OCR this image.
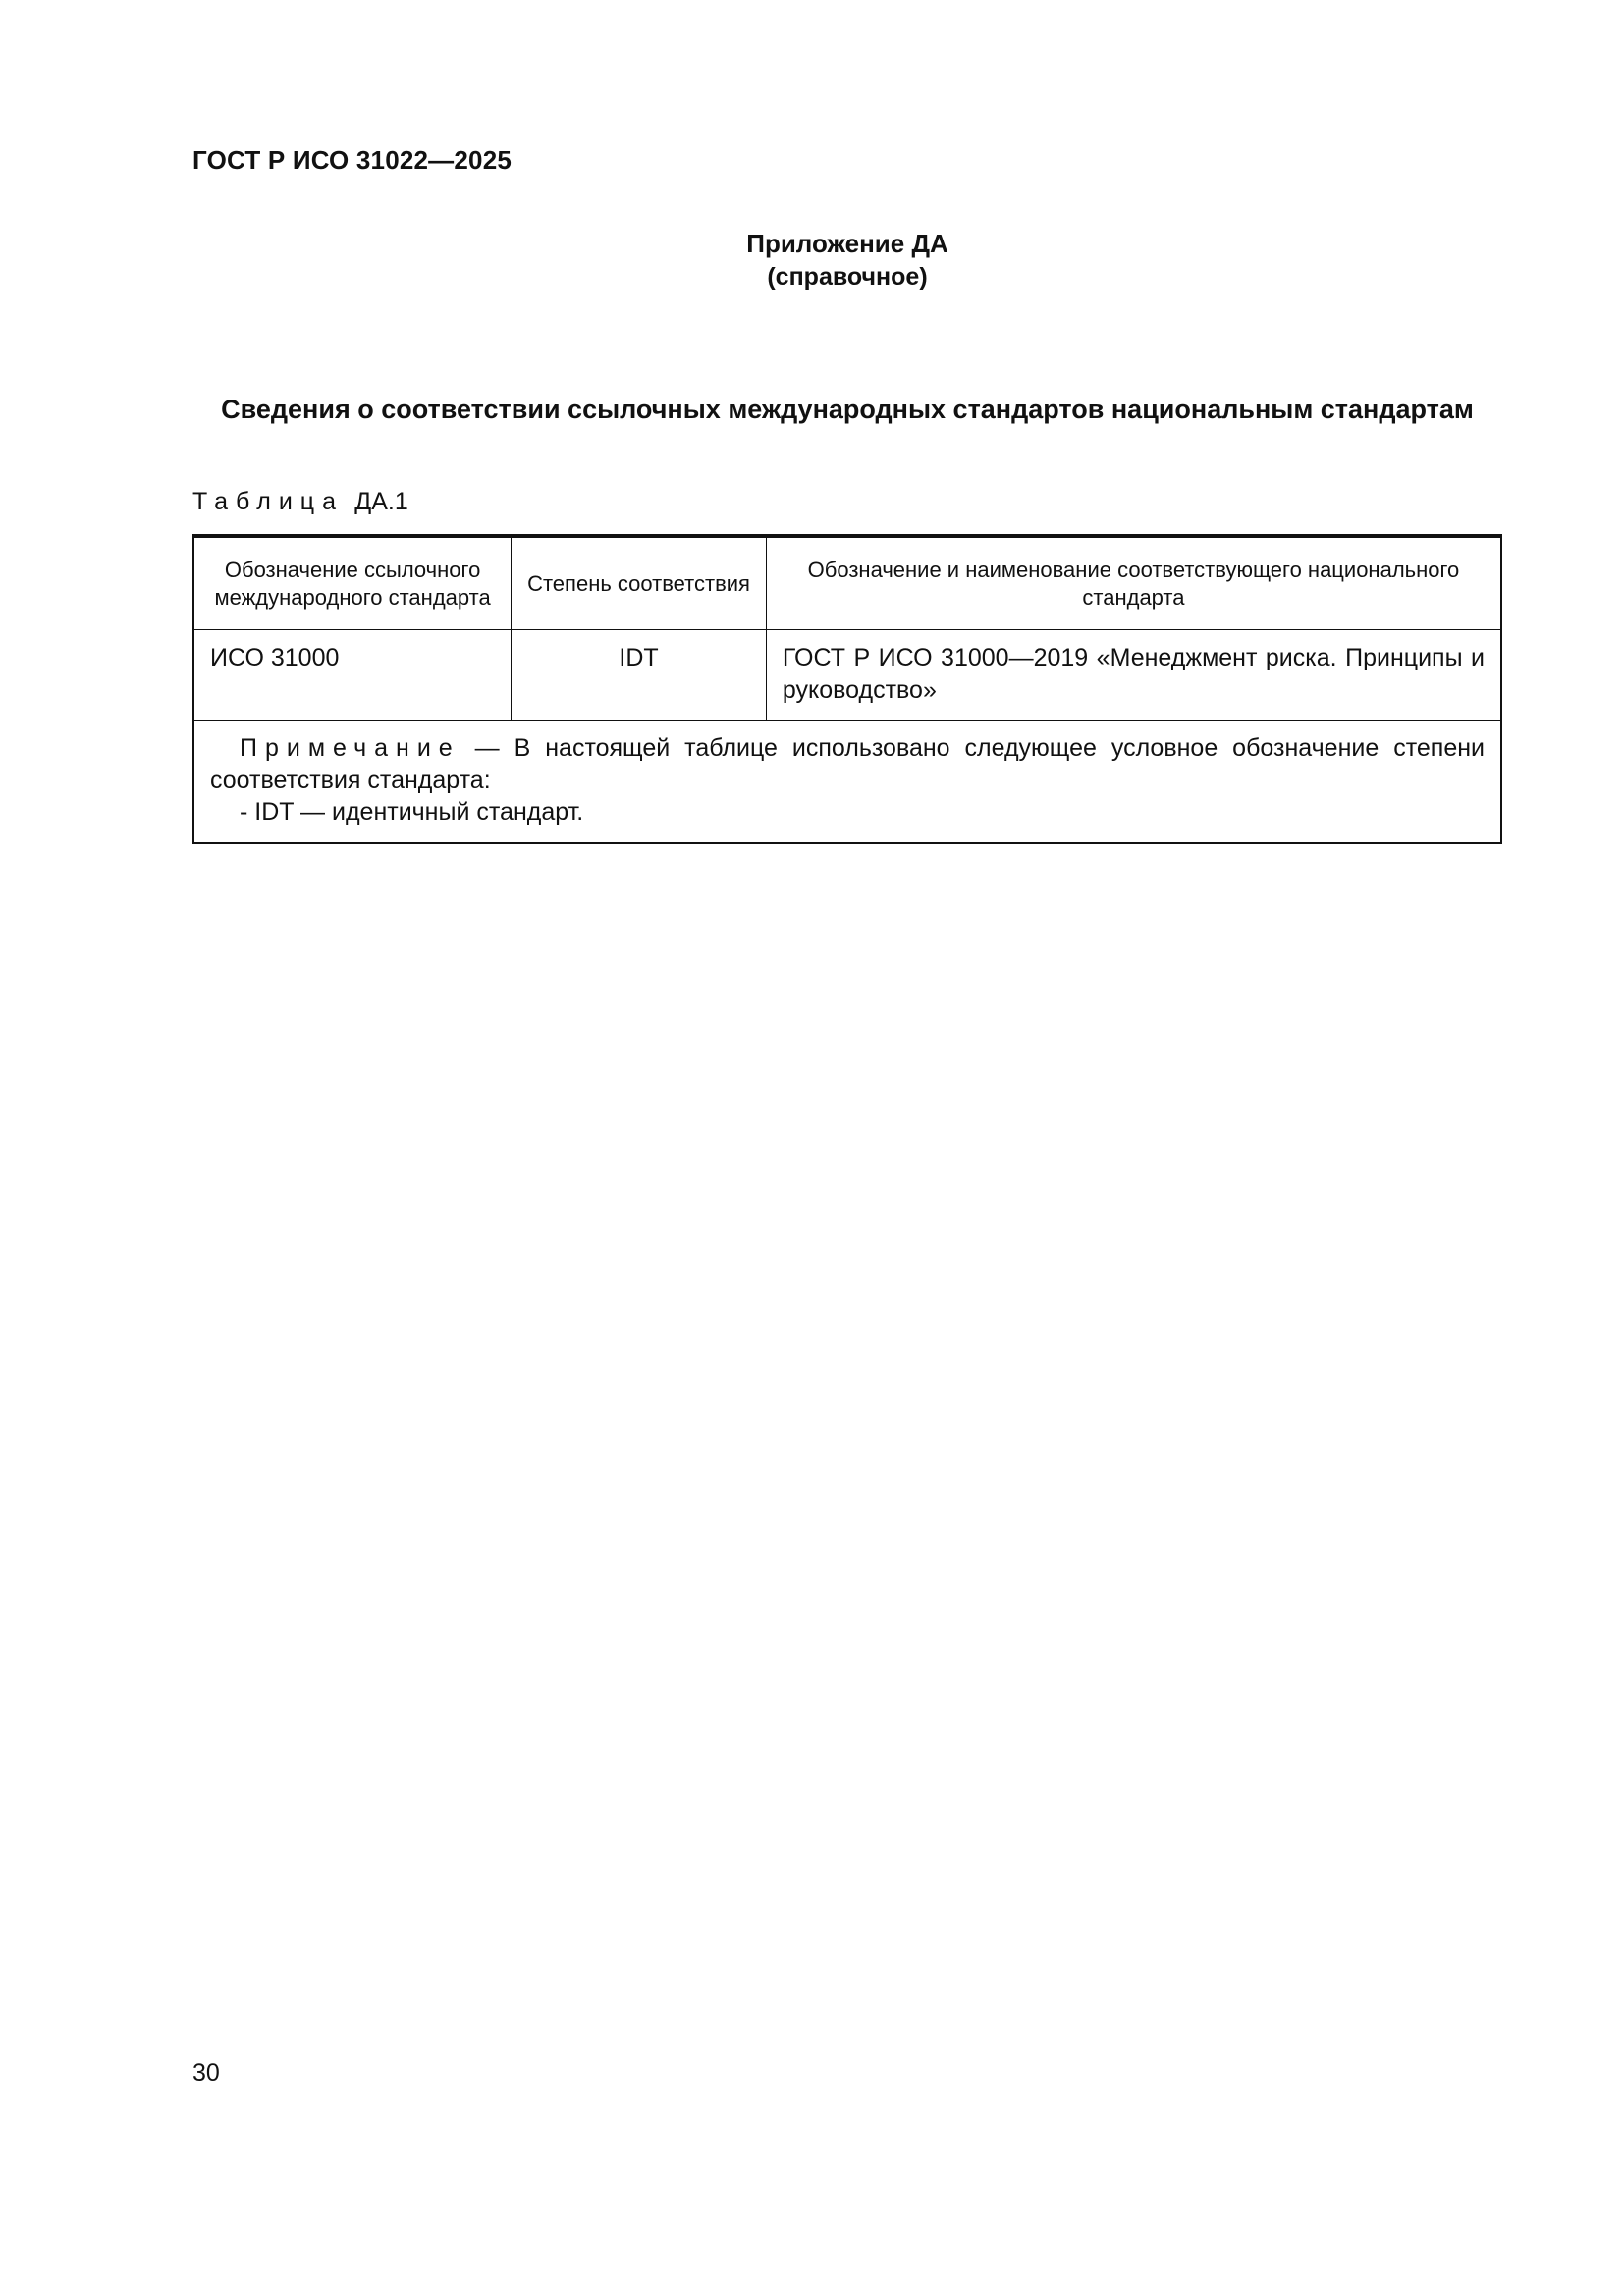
ГОСТ Р ИСО 31022—2025
Приложение ДА
(справочное)
Сведения о соответствии ссылочных международных стандартов национальным стандартам
Таблица ДА.1
Обозначение ссылочного международного стандарта	Степень соответствия	Обозначение и наименование соответствующего национального стандарта
ИСО 31000	IDT	ГОСТ Р ИСО 31000—2019 «Менеджмент риска. Принципы и руководство»

Примечание — В настоящей таблице использовано следующее условное обозначение степени соответствия стандарта:
- IDT — идентичный стандарт.		
30
